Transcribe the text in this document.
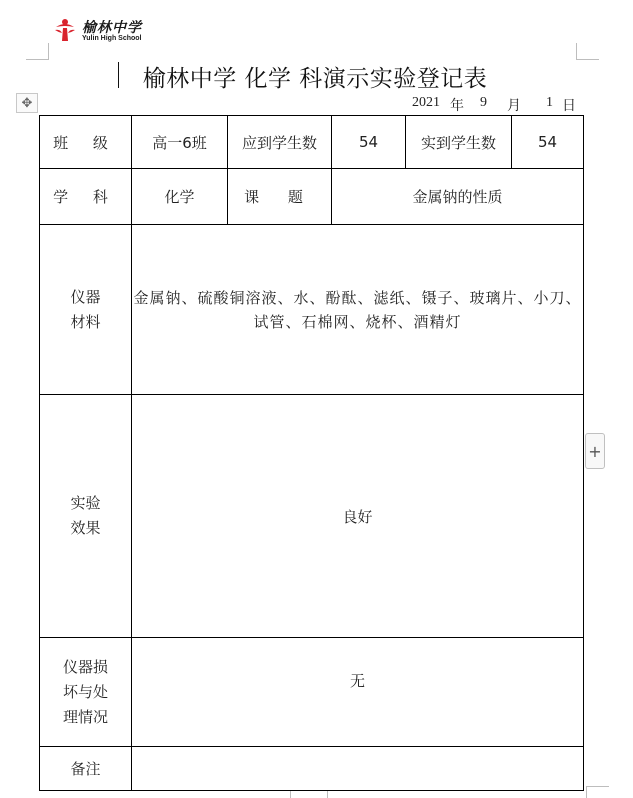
榆林中学
Yulin High School
榆林中学 化学 科演示实验登记表
✥	2021 年 9 月 1 日
班 级	高一6班	应到学生数	54	实到学生数	54
学 科	化学	课 题	金属钠的性质		

仪器
材料	金属钠、硫酸铜溶液、水、酚酞、滤纸、镊子、玻璃片、小刀、试管、石棉网、烧杯、酒精灯				

实验
效果	良好				

仪器损
坏与处
理情况	无				
备注					
+
